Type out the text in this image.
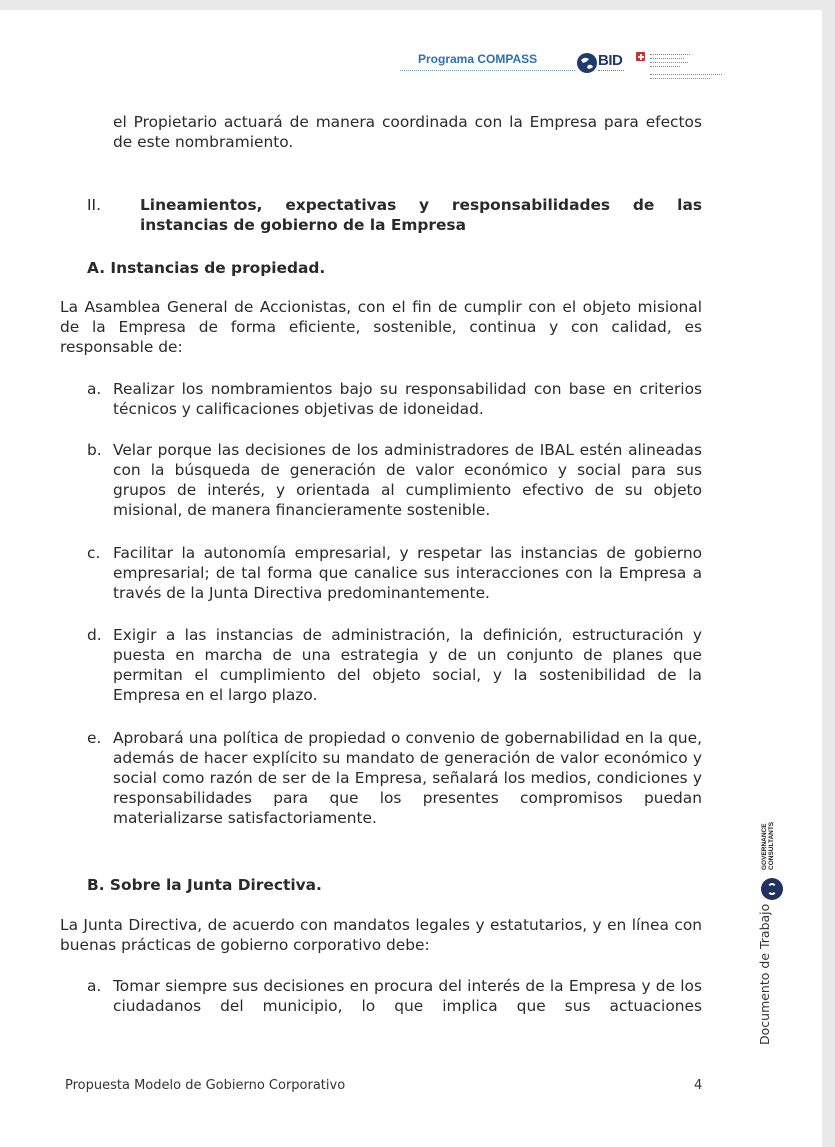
Programa COMPASS	BID

el Propietario actuará de manera coordinada con la Empresa para efectos de este nombramiento.

II.	Lineamientos, expectativas y responsabilidades de las instancias de gobierno de la Empresa
A. Instancias de propiedad.

La Asamblea General de Accionistas, con el fin de cumplir con el objeto misional de la Empresa de forma eficiente, sostenible, continua y con calidad, es responsable de:

a. Realizar los nombramientos bajo su responsabilidad con base en criterios técnicos y calificaciones objetivas de idoneidad.

b. Velar porque las decisiones de los administradores de IBAL estén alineadas con la búsqueda de generación de valor económico y social para sus grupos de interés, y orientada al cumplimiento efectivo de su objeto misional, de manera financieramente sostenible.

c. Facilitar la autonomía empresarial, y respetar las instancias de gobierno empresarial; de tal forma que canalice sus interacciones con la Empresa a través de la Junta Directiva predominantemente.

d. Exigir a las instancias de administración, la definición, estructuración y puesta en marcha de una estrategia y de un conjunto de planes que permitan el cumplimiento del objeto social, y la sostenibilidad de la Empresa en el largo plazo.

e. Aprobará una política de propiedad o convenio de gobernabilidad en la que, además de hacer explícito su mandato de generación de valor económico y social como razón de ser de la Empresa, señalará los medios, condiciones y responsabilidades para que los presentes compromisos puedan materializarse satisfactoriamente.

B. Sobre la Junta Directiva.

La Junta Directiva, de acuerdo con mandatos legales y estatutarios, y en línea con buenas prácticas de gobierno corporativo debe:

a. Tomar siempre sus decisiones en procura del interés de la Empresa y de los ciudadanos del municipio, lo que implica que sus actuaciones

GOVERNANCE CONSULTANTS
Documento de Trabajo
Propuesta Modelo de Gobierno Corporativo	4
